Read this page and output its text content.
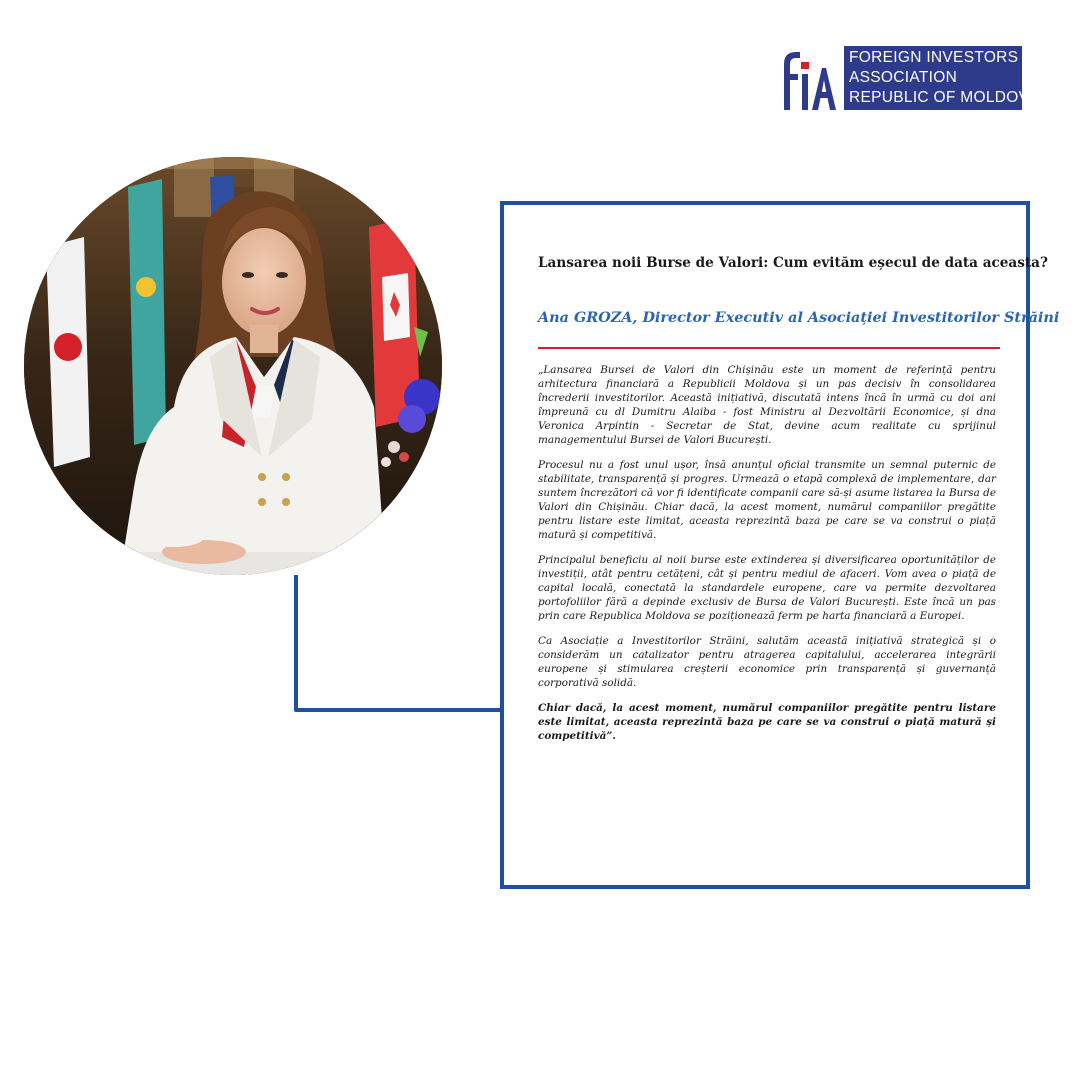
FOREIGN INVESTORS
ASSOCIATION
REPUBLIC OF MOLDOVA
Lansarea noii Burse de Valori: Cum evităm eșecul de data aceasta?
Ana GROZA, Director Executiv al Asociației Investitorilor Străini

„Lansarea Bursei de Valori din Chișinău este un moment de referință pentru arhitectura financiară a Republicii Moldova și un pas decisiv în consolidarea încrederii investitorilor. Această inițiativă, discutată intens încă în urmă cu doi ani împreună cu dl Dumitru Alaiba - fost Ministru al Dezvoltării Economice, și dna Veronica Arpintin - Secretar de Stat, devine acum realitate cu sprijinul managementului Bursei de Valori București.

Procesul nu a fost unul ușor, însă anunțul oficial transmite un semnal puternic de stabilitate, transparență și progres. Urmează o etapă complexă de implementare, dar suntem încrezători că vor fi identificate companii care să-și asume listarea la Bursa de Valori din Chișinău. Chiar dacă, la acest moment, numărul companiilor pregătite pentru listare este limitat, aceasta reprezintă baza pe care se va construi o piață matură și competitivă.

Principalul beneficiu al noii burse este extinderea și diversificarea oportunităților de investiții, atât pentru cetățeni, cât și pentru mediul de afaceri. Vom avea o piață de capital locală, conectată la standardele europene, care va permite dezvoltarea portofoliilor fără a depinde exclusiv de Bursa de Valori București. Este încă un pas prin care Republica Moldova se poziționează ferm pe harta financiară a Europei.

Ca Asociație a Investitorilor Străini, salutăm această inițiativă strategică și o considerăm un catalizator pentru atragerea capitalului, accelerarea integrării europene și stimularea creșterii economice prin transparență și guvernanță corporativă solidă.

Chiar dacă, la acest moment, numărul companiilor pregătite pentru listare este limitat, aceasta reprezintă baza pe care se va construi o piață matură și competitivă”.
